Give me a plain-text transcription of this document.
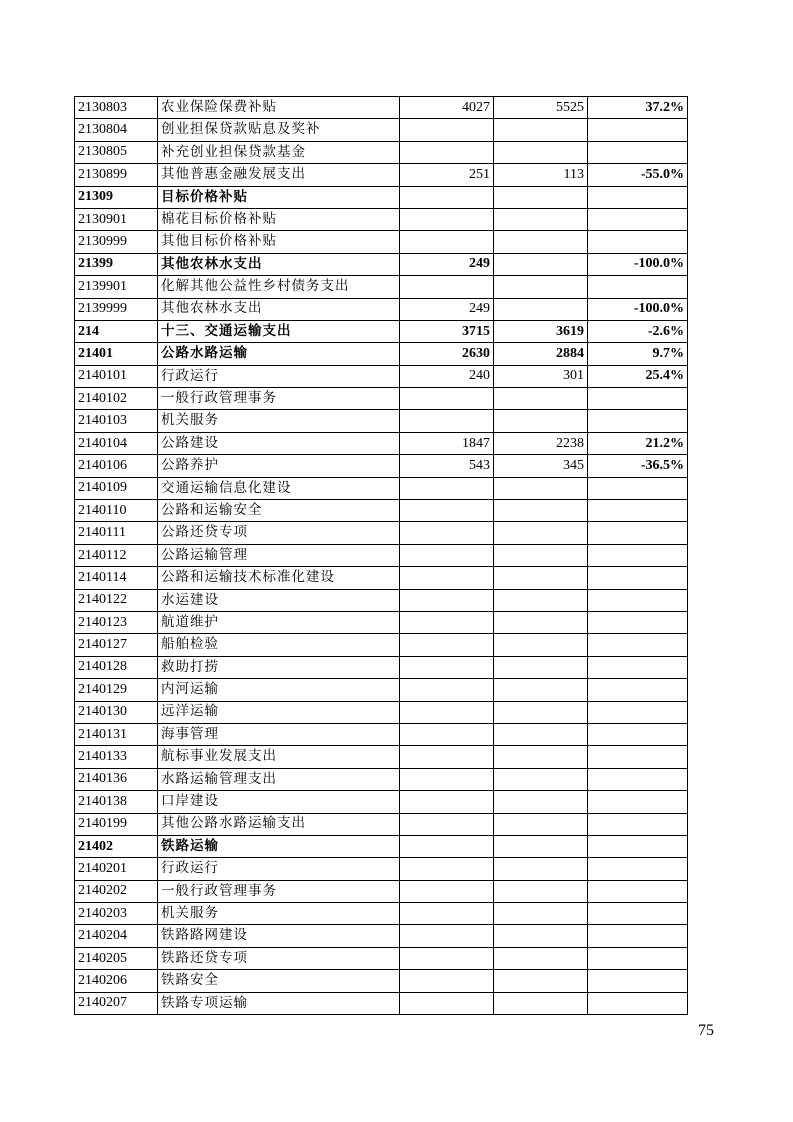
2130803	农业保险保费补贴	4027	5525	37.2%
2130804	创业担保贷款贴息及奖补			
2130805	补充创业担保贷款基金			
2130899	其他普惠金融发展支出	251	113	-55.0%
21309	目标价格补贴			
2130901	棉花目标价格补贴			
2130999	其他目标价格补贴			
21399	其他农林水支出	249		-100.0%
2139901	化解其他公益性乡村债务支出			
2139999	其他农林水支出	249		-100.0%
214	十三、交通运输支出	3715	3619	-2.6%
21401	公路水路运输	2630	2884	9.7%
2140101	行政运行	240	301	25.4%
2140102	一般行政管理事务			
2140103	机关服务			
2140104	公路建设	1847	2238	21.2%
2140106	公路养护	543	345	-36.5%
2140109	交通运输信息化建设			
2140110	公路和运输安全			
2140111	公路还贷专项			
2140112	公路运输管理			
2140114	公路和运输技术标准化建设			
2140122	水运建设			
2140123	航道维护			
2140127	船舶检验			
2140128	救助打捞			
2140129	内河运输			
2140130	远洋运输			
2140131	海事管理			
2140133	航标事业发展支出			
2140136	水路运输管理支出			
2140138	口岸建设			
2140199	其他公路水路运输支出			
21402	铁路运输			
2140201	行政运行			
2140202	一般行政管理事务			
2140203	机关服务			
2140204	铁路路网建设			
2140205	铁路还贷专项			
2140206	铁路安全			
2140207	铁路专项运输			
75
